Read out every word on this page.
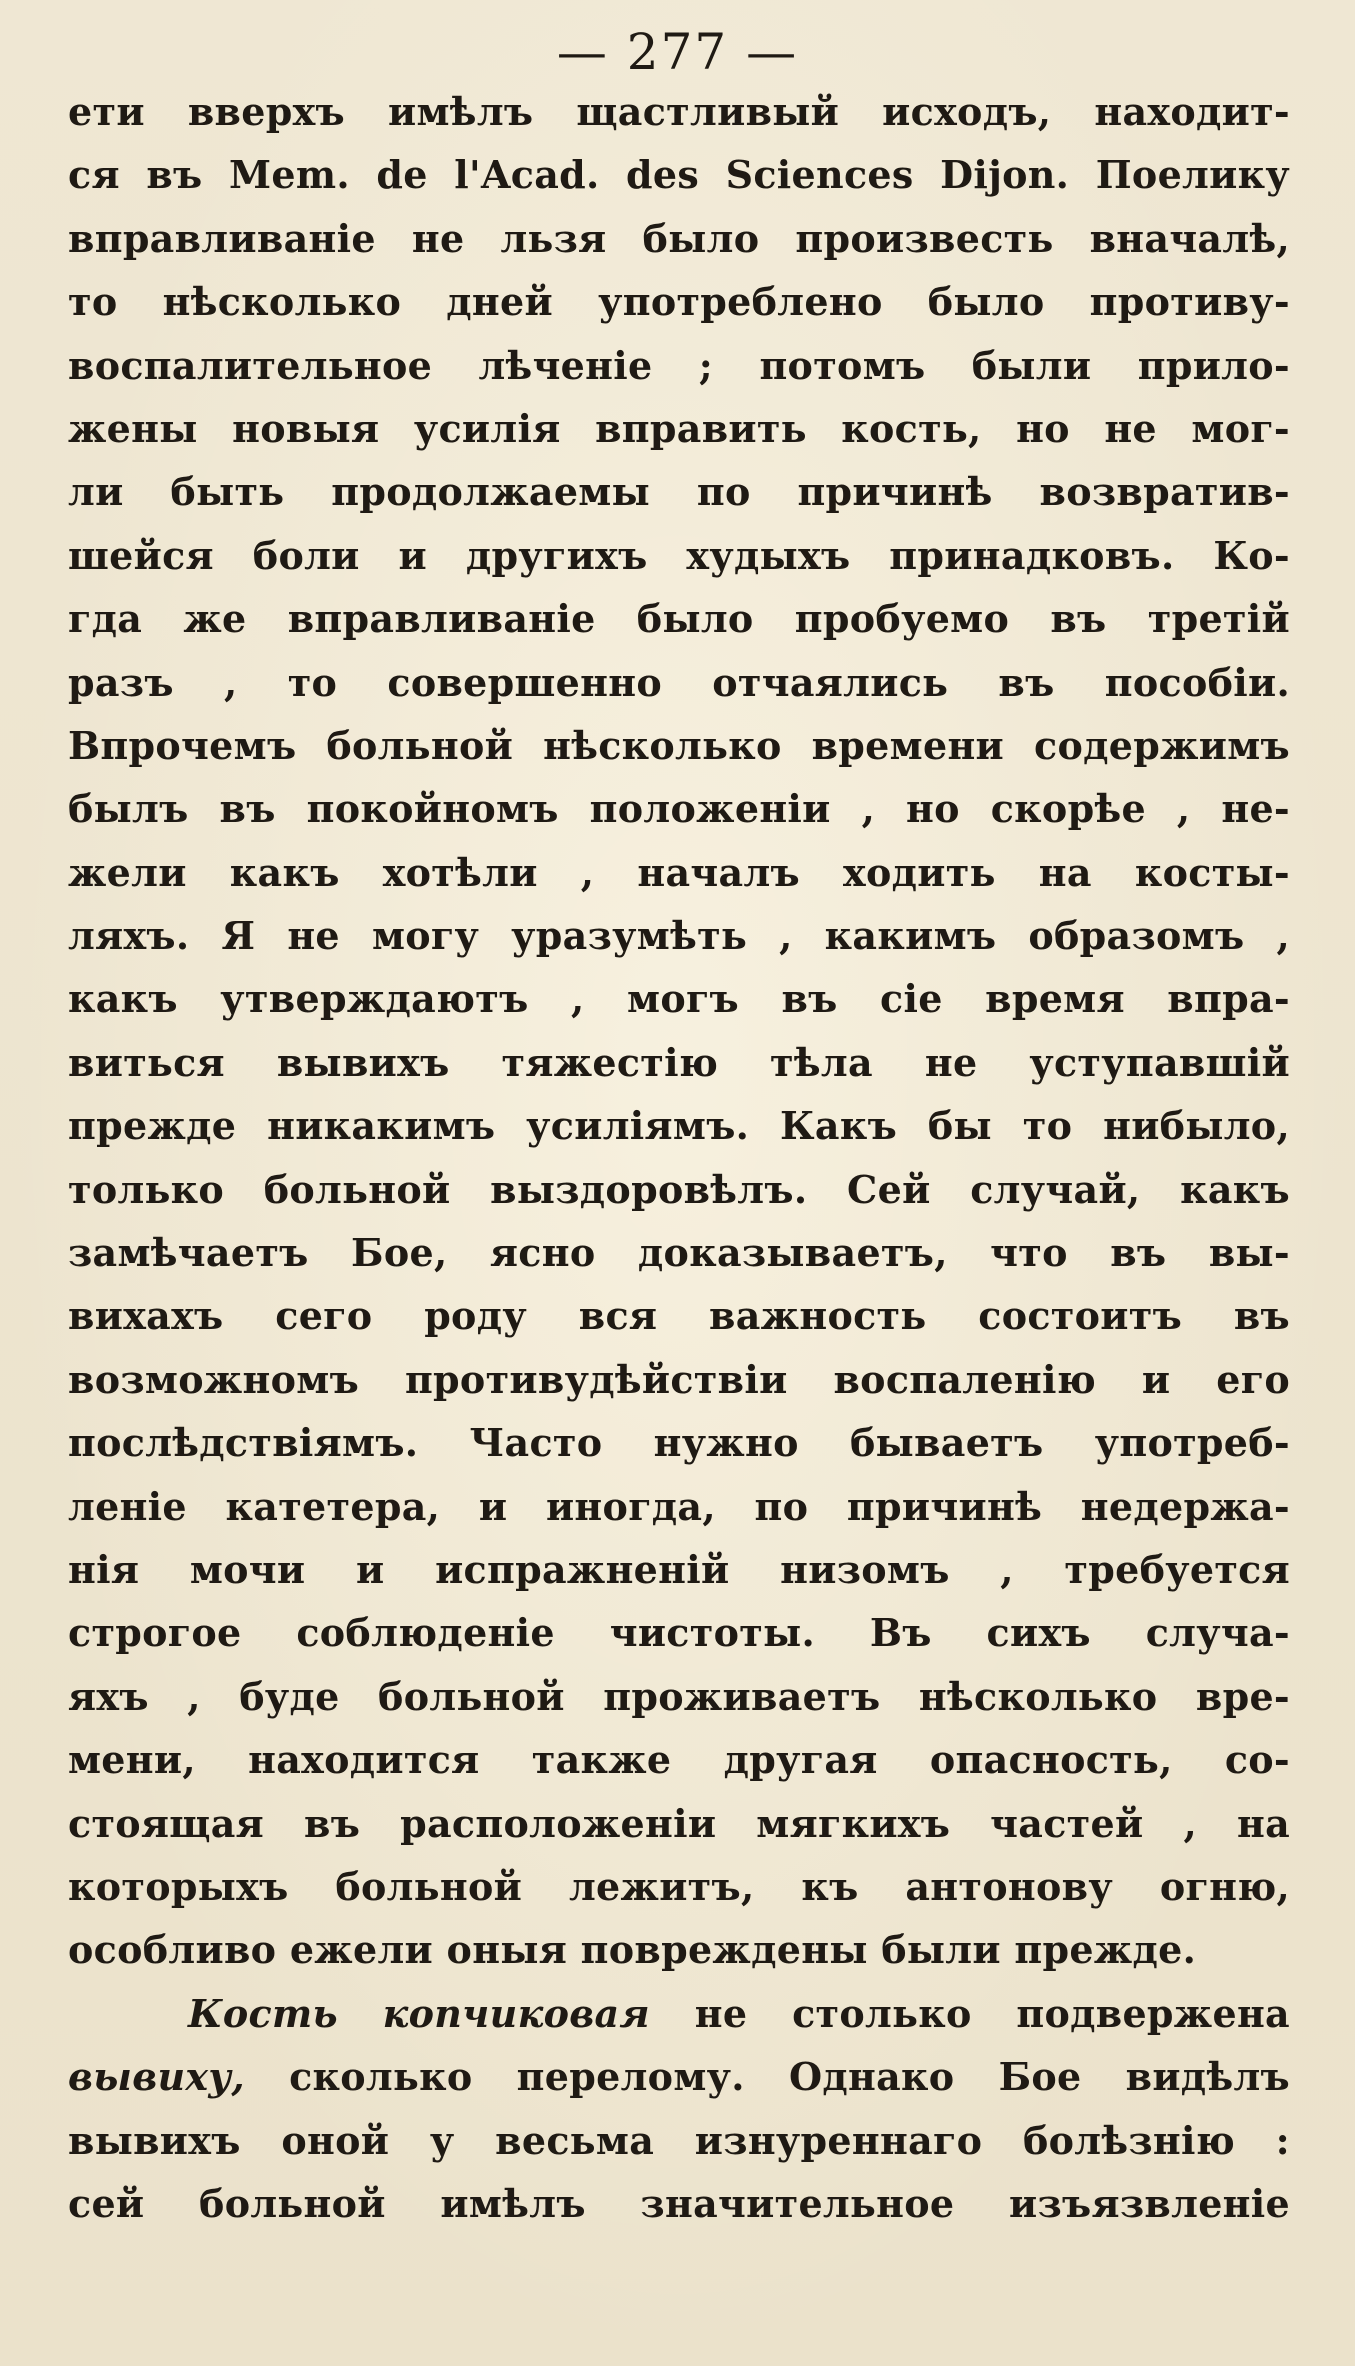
— 277 —
ети вверхъ имѣлъ щастливый исходъ, находит-
ся въ Mem. de l'Acad. des Sciences Dijon. Поелику
вправливаніе не льзя было произвесть вначалѣ,
то нѣсколько дней употреблено было противу-
воспалительное лѣченіе ; потомъ были прило-
жены новыя усилія вправить кость, но не мог-
ли быть продолжаемы по причинѣ возвратив-
шейся боли и другихъ худыхъ принадковъ. Ко-
гда же вправливаніе было пробуемо въ третій
разъ , то совершенно отчаялись въ пособіи.
Впрочемъ больной нѣсколько времени содержимъ
былъ въ покойномъ положеніи , но скорѣе , не-
жели какъ хотѣли , началъ ходить на косты-
ляхъ. Я не могу уразумѣть , какимъ образомъ ,
какъ утверждаютъ , могъ въ сіе время впра-
виться вывихъ тяжестію тѣла не уступавшій
прежде никакимъ усиліямъ. Какъ бы то нибыло,
только больной выздоровѣлъ. Сей случай, какъ
замѣчаетъ Бое, ясно доказываетъ, что въ вы-
вихахъ сего роду вся важность состоитъ въ
возможномъ противудѣйствіи воспаленію и его
послѣдствіямъ. Часто нужно бываетъ употреб-
леніе катетера, и иногда, по причинѣ недержа-
нія мочи и испражненій низомъ , требуется
строгое соблюденіе чистоты. Въ сихъ случа-
яхъ , буде больной проживаетъ нѣсколько вре-
мени, находится также другая опасность, со-
стоящая въ расположеніи мягкихъ частей , на
которыхъ больной лежитъ, къ антонову огню,
особливо ежели оныя повреждены были прежде.
Кость копчиковая не столько подвержена
вывиху, сколько перелому. Однако Бое видѣлъ
вывихъ оной у весьма изнуреннаго болѣзнію :
сей больной имѣлъ значительное изъязвленіе
